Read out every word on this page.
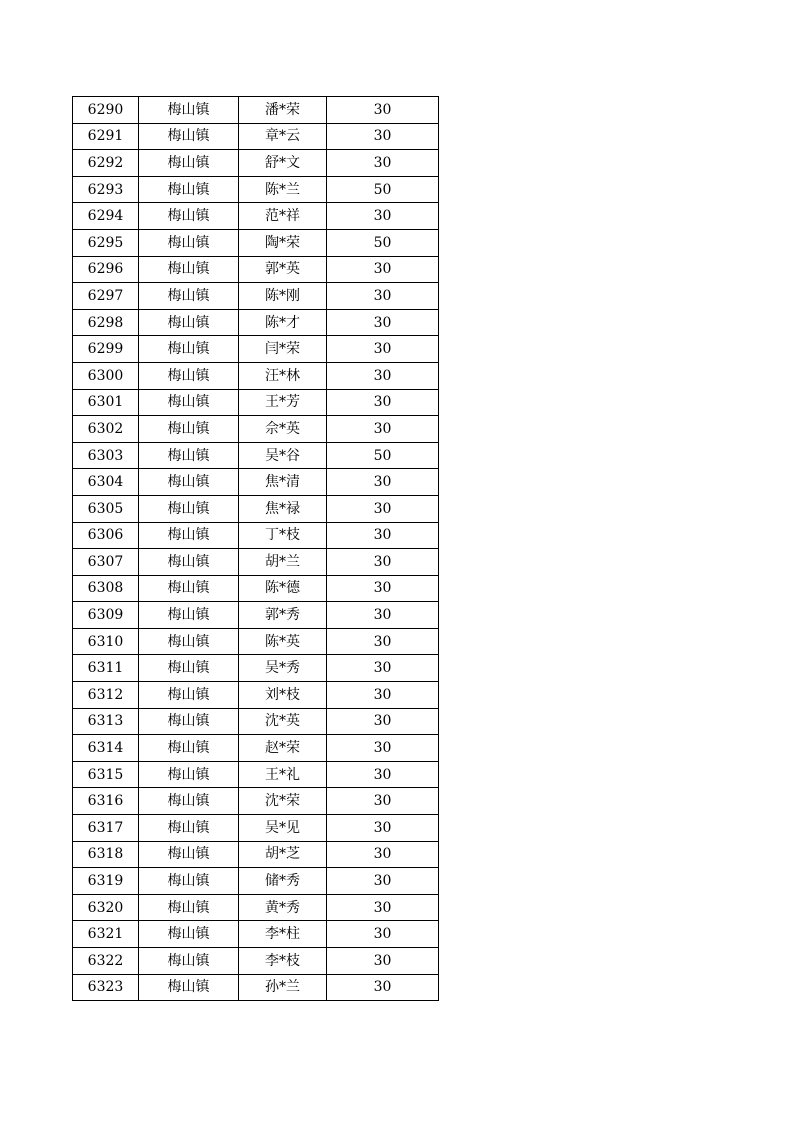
6290	梅山镇	潘*荣	30
6291	梅山镇	章*云	30
6292	梅山镇	舒*文	30
6293	梅山镇	陈*兰	50
6294	梅山镇	范*祥	30
6295	梅山镇	陶*荣	50
6296	梅山镇	郭*英	30
6297	梅山镇	陈*刚	30
6298	梅山镇	陈*才	30
6299	梅山镇	闫*荣	30
6300	梅山镇	汪*林	30
6301	梅山镇	王*芳	30
6302	梅山镇	佘*英	30
6303	梅山镇	吴*谷	50
6304	梅山镇	焦*清	30
6305	梅山镇	焦*禄	30
6306	梅山镇	丁*枝	30
6307	梅山镇	胡*兰	30
6308	梅山镇	陈*德	30
6309	梅山镇	郭*秀	30
6310	梅山镇	陈*英	30
6311	梅山镇	吴*秀	30
6312	梅山镇	刘*枝	30
6313	梅山镇	沈*英	30
6314	梅山镇	赵*荣	30
6315	梅山镇	王*礼	30
6316	梅山镇	沈*荣	30
6317	梅山镇	吴*见	30
6318	梅山镇	胡*芝	30
6319	梅山镇	储*秀	30
6320	梅山镇	黄*秀	30
6321	梅山镇	李*柱	30
6322	梅山镇	李*枝	30
6323	梅山镇	孙*兰	30
